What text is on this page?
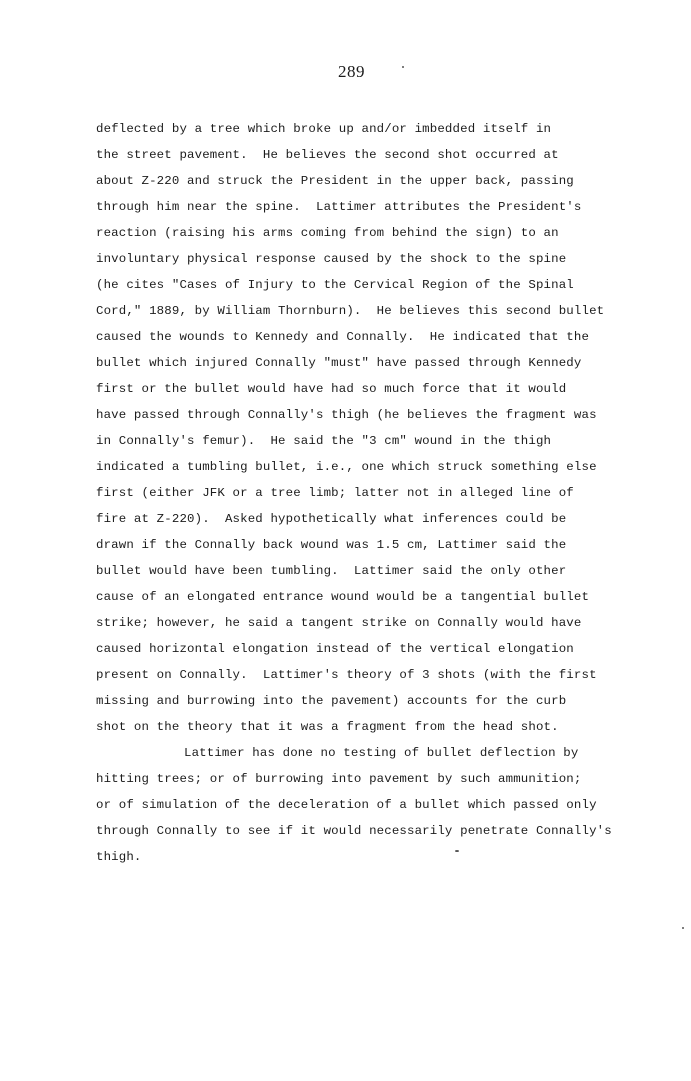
289
deflected by a tree which broke up and/or imbedded itself in
the street pavement.  He believes the second shot occurred at
about Z-220 and struck the President in the upper back, passing
through him near the spine.  Lattimer attributes the President's
reaction (raising his arms coming from behind the sign) to an
involuntary physical response caused by the shock to the spine
(he cites "Cases of Injury to the Cervical Region of the Spinal
Cord," 1889, by William Thornburn).  He believes this second bullet
caused the wounds to Kennedy and Connally.  He indicated that the
bullet which injured Connally "must" have passed through Kennedy
first or the bullet would have had so much force that it would
have passed through Connally's thigh (he believes the fragment was
in Connally's femur).  He said the "3 cm" wound in the thigh
indicated a tumbling bullet, i.e., one which struck something else
first (either JFK or a tree limb; latter not in alleged line of
fire at Z-220).  Asked hypothetically what inferences could be
drawn if the Connally back wound was 1.5 cm, Lattimer said the
bullet would have been tumbling.  Lattimer said the only other
cause of an elongated entrance wound would be a tangential bullet
strike; however, he said a tangent strike on Connally would have
caused horizontal elongation instead of the vertical elongation
present on Connally.  Lattimer's theory of 3 shots (with the first
missing and burrowing into the pavement) accounts for the curb
shot on the theory that it was a fragment from the head shot.
Lattimer has done no testing of bullet deflection by
hitting trees; or of burrowing into pavement by such ammunition;
or of simulation of the deceleration of a bullet which passed only
through Connally to see if it would necessarily penetrate Connally's
thigh.
